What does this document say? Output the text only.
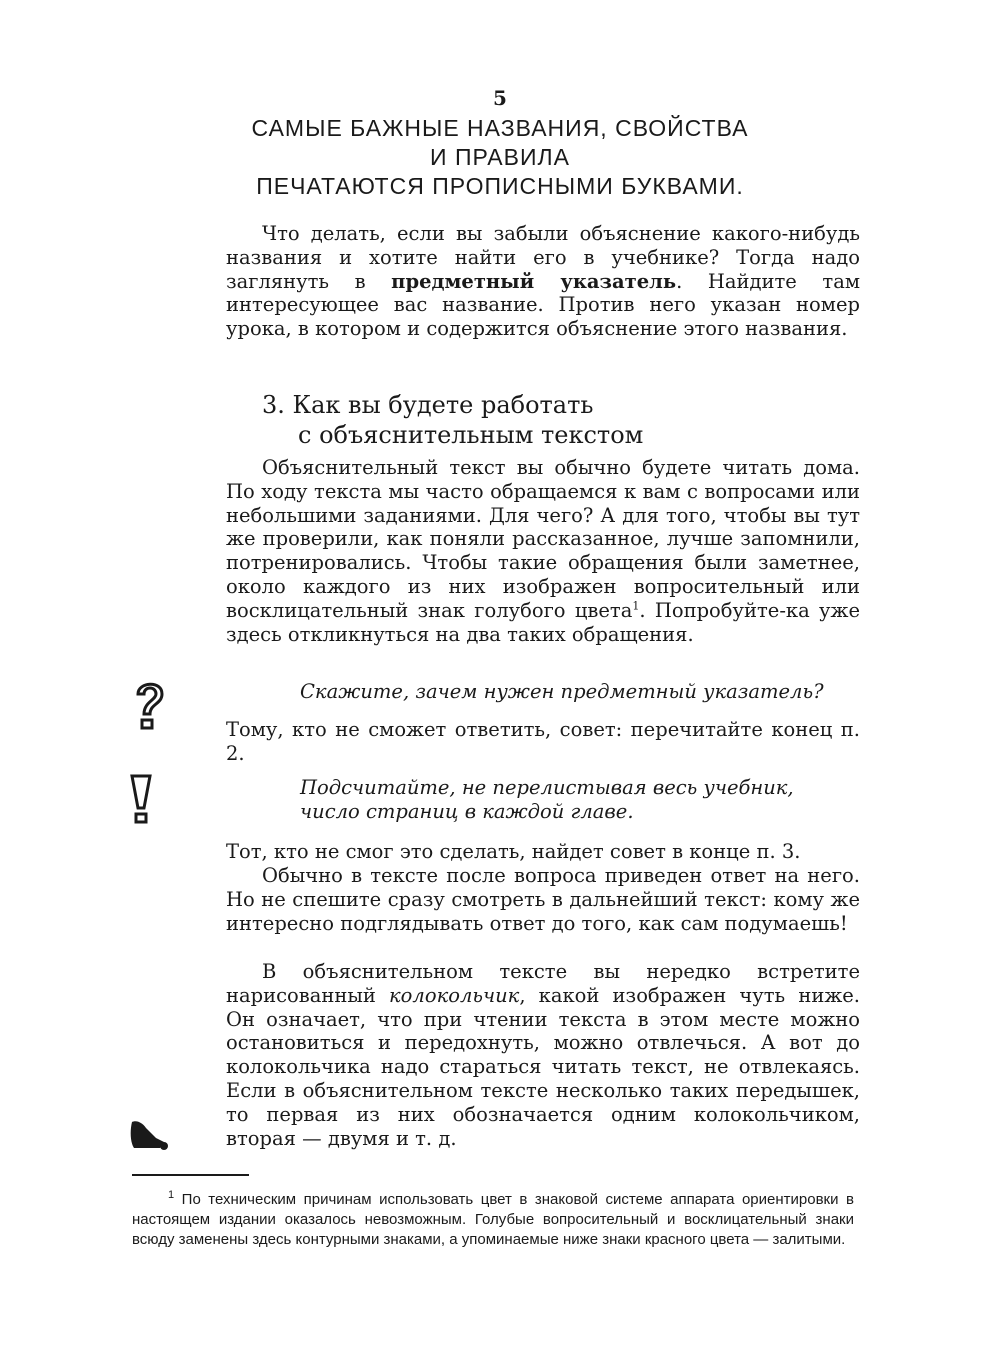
5
САМЫЕ БАЖНЫЕ НАЗВАНИЯ, СВОЙСТВА
И ПРАВИЛА
ПЕЧАТАЮТСЯ ПРОПИСНЫМИ БУКВАМИ.

Что делать, если вы забыли объяснение какого-нибудь названия и хотите найти его в учебнике? Тогда надо заглянуть в предметный указатель. Найдите там интересующее вас название. Против него указан номер урока, в котором и содержится объяснение этого названия.

3. Как вы будете работать
с объяснительным текстом

Объяснительный текст вы обычно будете читать дома. По ходу текста мы часто обращаемся к вам с вопросами или небольшими заданиями. Для чего? А для того, чтобы вы тут же проверили, как поняли рассказанное, лучше запомнили, потренировались. Чтобы такие обращения были заметнее, около каждого из них изображен вопросительный или восклицательный знак голубого цвета$^1$. Попробуйте-ка уже здесь откликнуться на два таких обращения.

Скажите, зачем нужен предметный указатель?

Тому, кто не сможет ответить, совет: перечитайте конец п. 2.

Подсчитайте, не перелистывая весь учебник,
число страниц в каждой главе.

Тот, кто не смог это сделать, найдет совет в конце п. 3.

Обычно в тексте после вопроса приведен ответ на него. Но не спешите сразу смотреть в дальнейший текст: кому же интересно подглядывать ответ до того, как сам подумаешь!

В объяснительном тексте вы нередко встретите нарисованный колокольчик, какой изображен чуть ниже. Он означает, что при чтении текста в этом месте можно остановиться и передохнуть, можно отвлечься. А вот до колокольчика надо стараться читать текст, не отвлекаясь. Если в объяснительном тексте несколько таких передышек, то первая из них обозначается одним колокольчиком, вторая — двумя и т. д.

$^1$ По техническим причинам использовать цвет в знаковой системе аппарата ориентировки в настоящем издании оказалось невозможным. Голубые вопросительный и восклицательный знаки всюду заменены здесь контурными знаками, а упоминаемые ниже знаки красного цвета — залитыми.
